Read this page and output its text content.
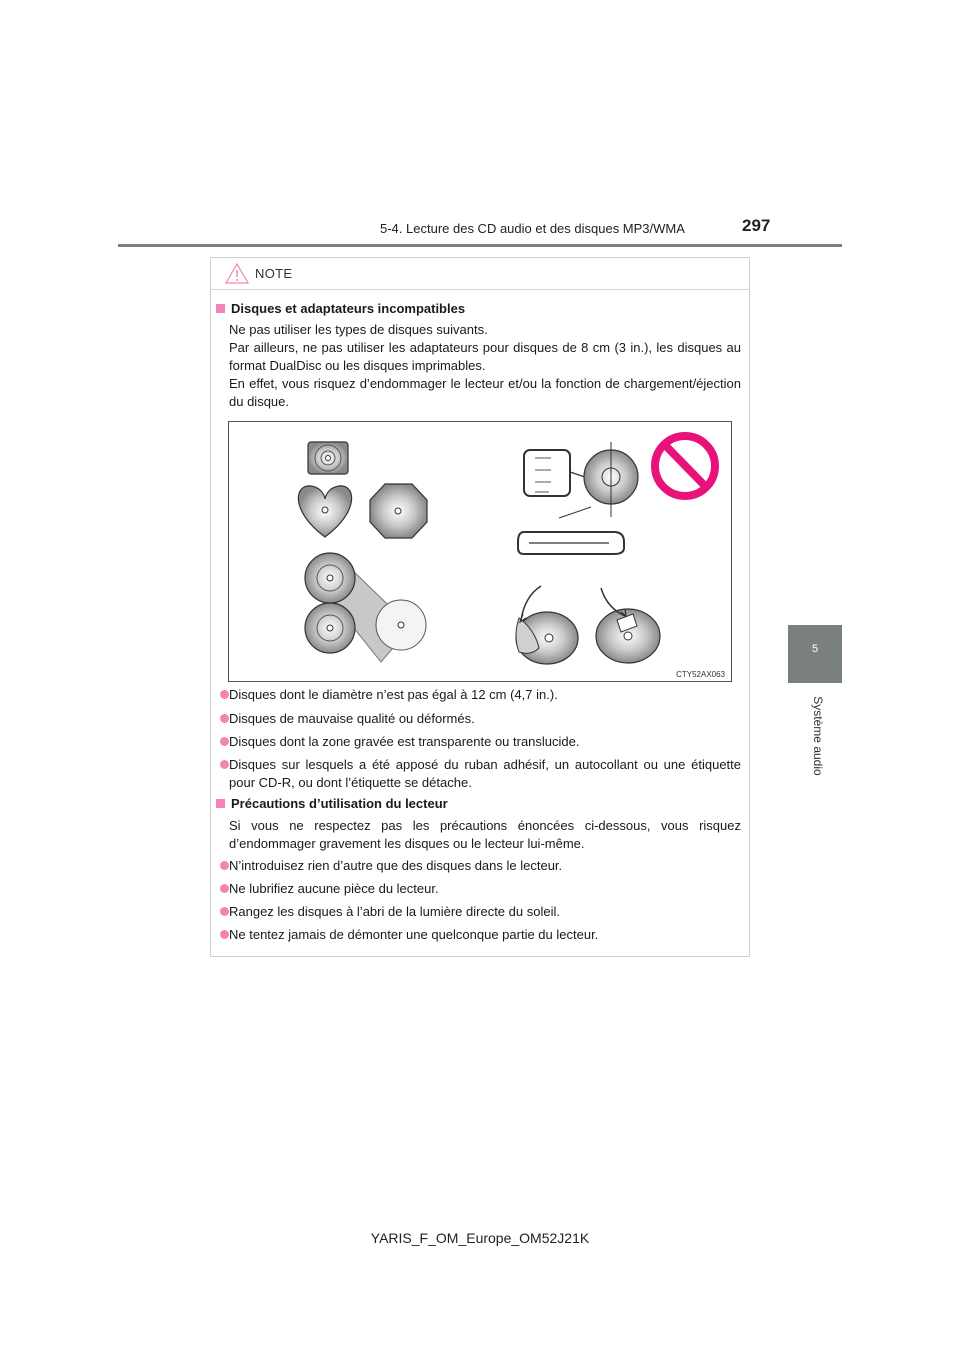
5-4. Lecture des CD audio et des disques MP3/WMA	297
5
Système audio
NOTE
Disques et adaptateurs incompatibles
Ne pas utiliser les types de disques suivants.
Par ailleurs, ne pas utiliser les adaptateurs pour disques de 8 cm (3 in.), les disques au format DualDisc ou les disques imprimables.
En effet, vous risquez d’endommager le lecteur et/ou la fonction de chargement/éjection du disque.
Disques dont le diamètre n’est pas égal à 12 cm (4,7 in.).
Disques de mauvaise qualité ou déformés.
Disques dont la zone gravée est transparente ou translucide.
Disques sur lesquels a été apposé du ruban adhésif, un autocollant ou une étiquette pour CD-R, ou dont l’étiquette se détache.
Précautions d’utilisation du lecteur
Si vous ne respectez pas les précautions énoncées ci-dessous, vous risquez d’endommager gravement les disques ou le lecteur lui-même.
N’introduisez rien d’autre que des disques dans le lecteur.
Ne lubrifiez aucune pièce du lecteur.
Rangez les disques à l’abri de la lumière directe du soleil.
Ne tentez jamais de démonter une quelconque partie du lecteur.
CTY52AX063
YARIS_F_OM_Europe_OM52J21K
